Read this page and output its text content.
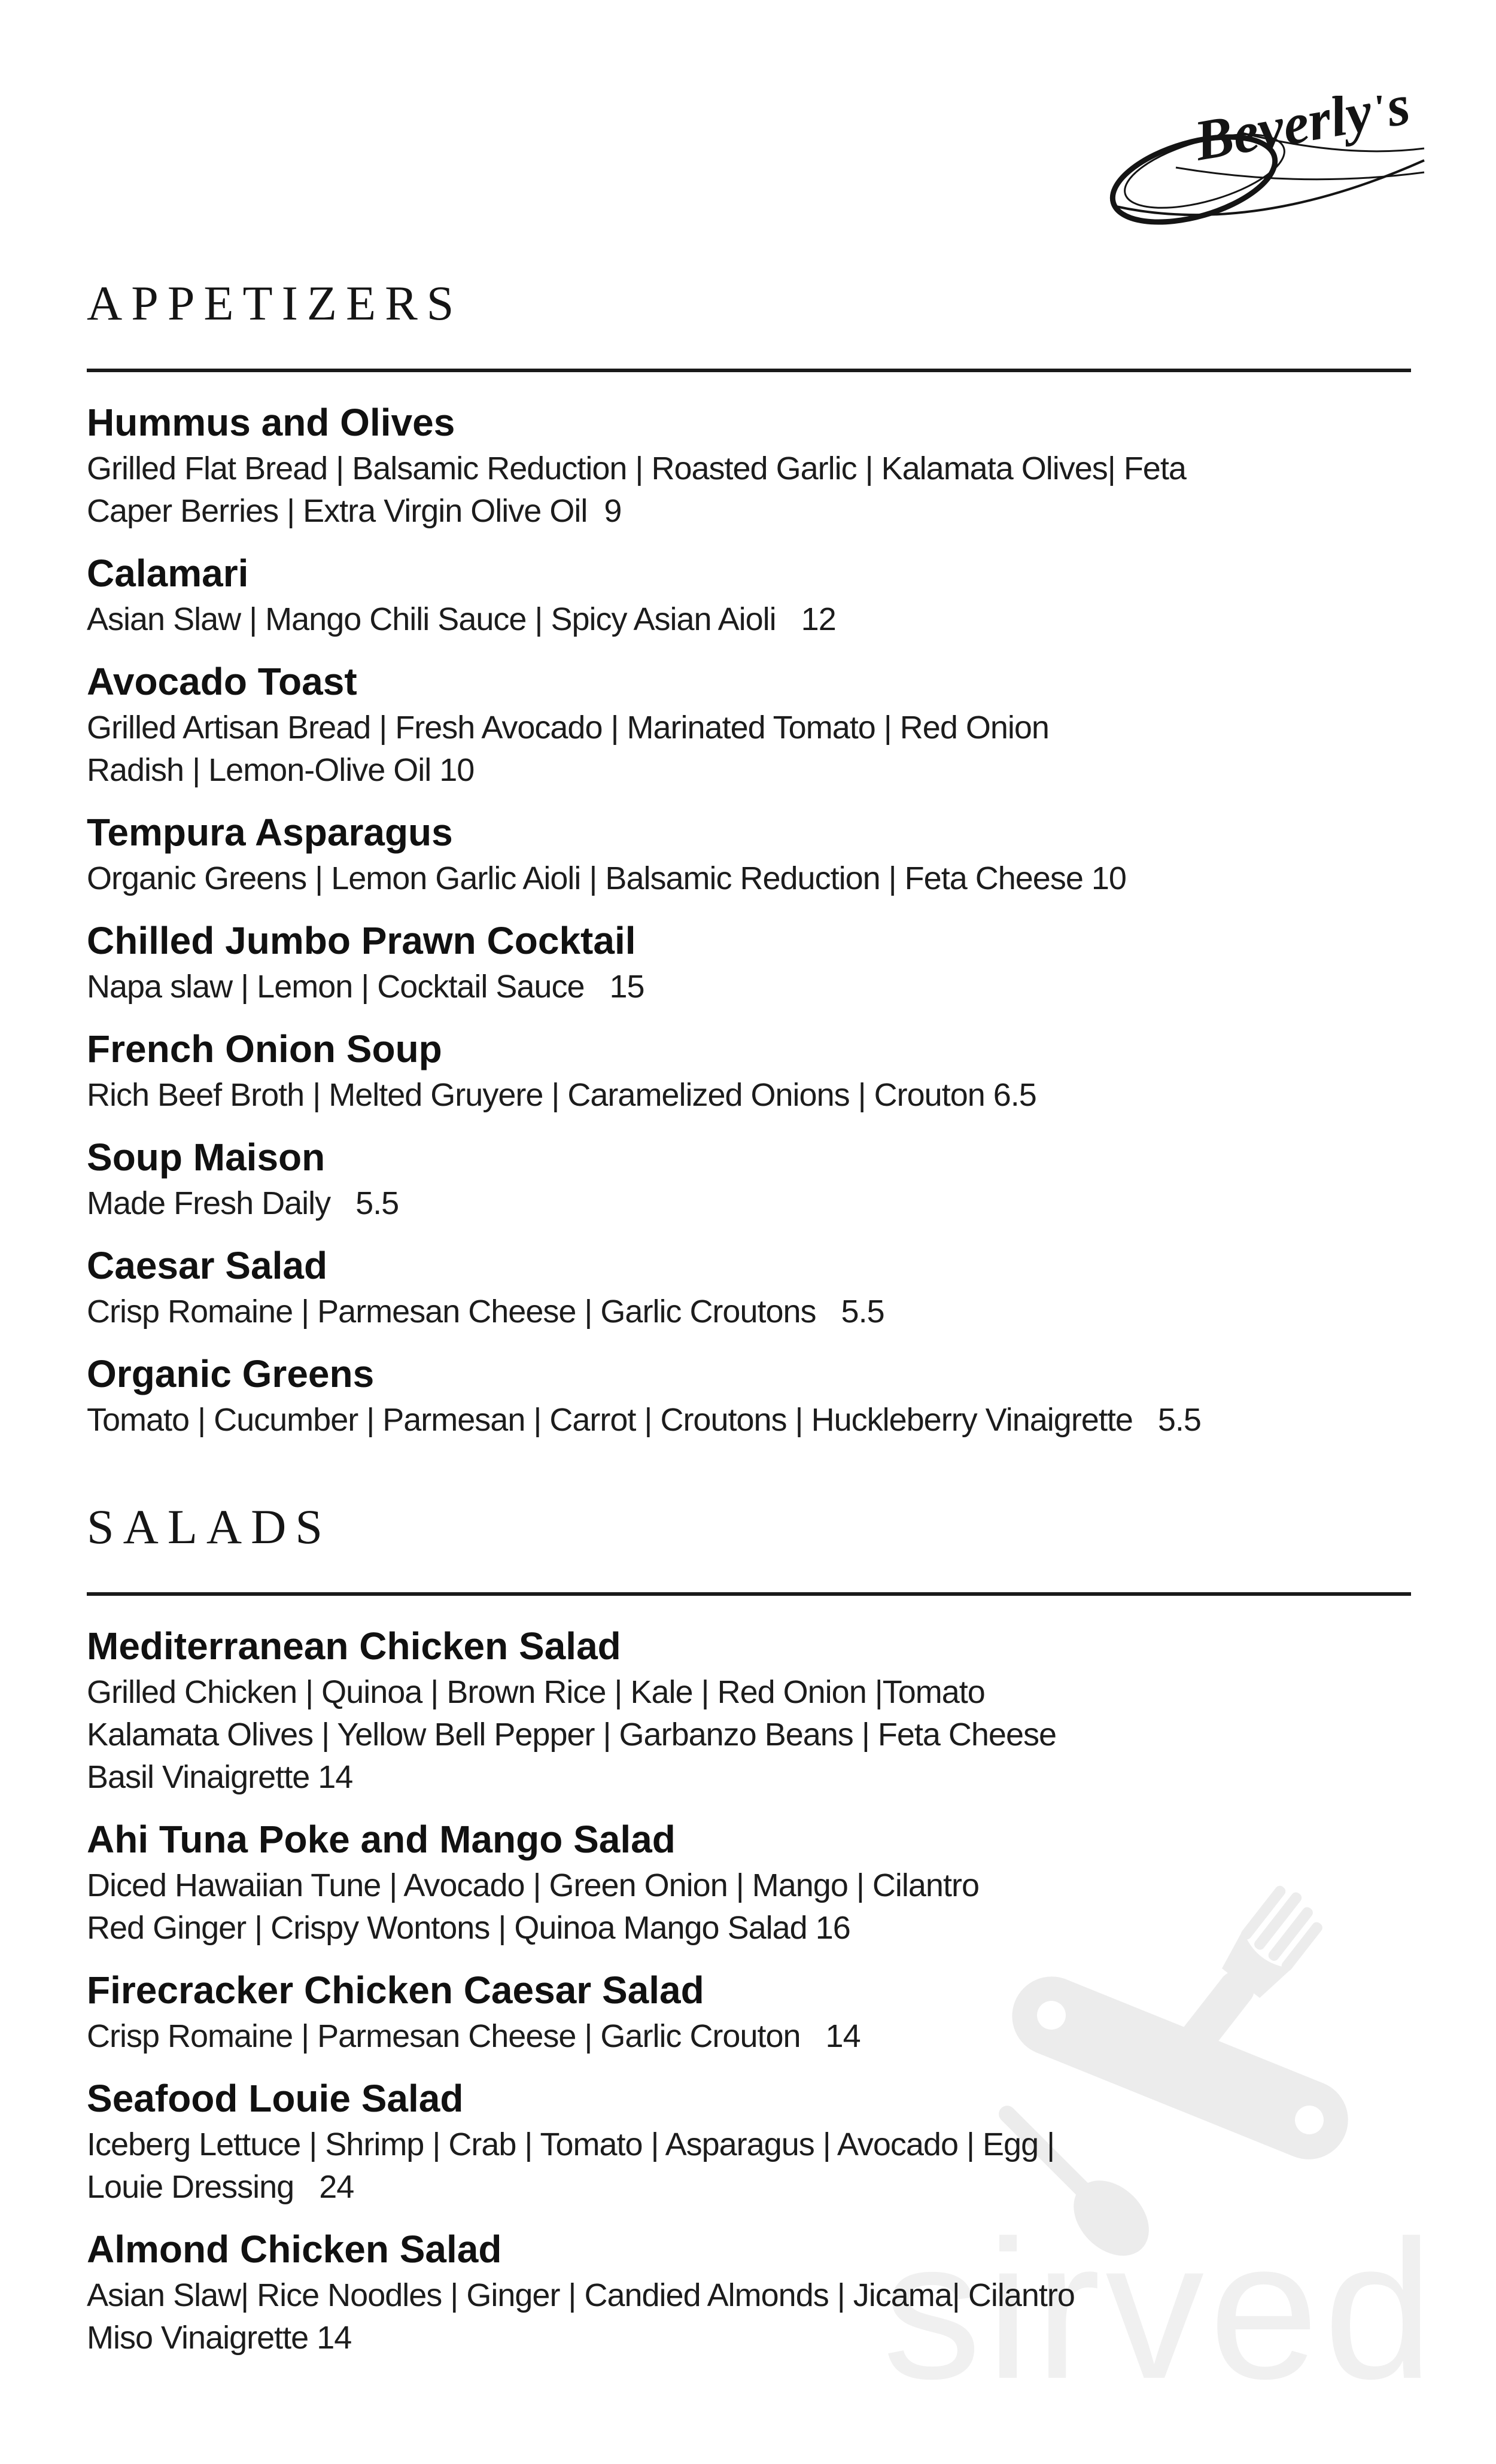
sirved
Beverly's
APPETIZERS
Hummus and Olives
Grilled Flat Bread | Balsamic Reduction | Roasted Garlic | Kalamata Olives| Feta
Caper Berries | Extra Virgin Olive Oil  9
Calamari
Asian Slaw | Mango Chili Sauce | Spicy Asian Aioli   12
Avocado Toast
Grilled Artisan Bread | Fresh Avocado | Marinated Tomato | Red Onion
Radish | Lemon-Olive Oil 10
Tempura Asparagus
Organic Greens | Lemon Garlic Aioli | Balsamic Reduction | Feta Cheese 10
Chilled Jumbo Prawn Cocktail
Napa slaw | Lemon | Cocktail Sauce   15
French Onion Soup
Rich Beef Broth | Melted Gruyere | Caramelized Onions | Crouton 6.5
Soup Maison
Made Fresh Daily   5.5
Caesar Salad
Crisp Romaine | Parmesan Cheese | Garlic Croutons   5.5
Organic Greens
Tomato | Cucumber | Parmesan | Carrot | Croutons | Huckleberry Vinaigrette   5.5
SALADS
Mediterranean Chicken Salad
Grilled Chicken | Quinoa | Brown Rice | Kale | Red Onion |Tomato
Kalamata Olives | Yellow Bell Pepper | Garbanzo Beans | Feta Cheese
Basil Vinaigrette 14
Ahi Tuna Poke and Mango Salad
Diced Hawaiian Tune | Avocado | Green Onion | Mango | Cilantro
Red Ginger | Crispy Wontons | Quinoa Mango Salad 16
Firecracker Chicken Caesar Salad
Crisp Romaine | Parmesan Cheese | Garlic Crouton   14
Seafood Louie Salad
Iceberg Lettuce | Shrimp | Crab | Tomato | Asparagus | Avocado | Egg |
Louie Dressing   24
Almond Chicken Salad
Asian Slaw| Rice Noodles | Ginger | Candied Almonds | Jicama| Cilantro
Miso Vinaigrette 14
